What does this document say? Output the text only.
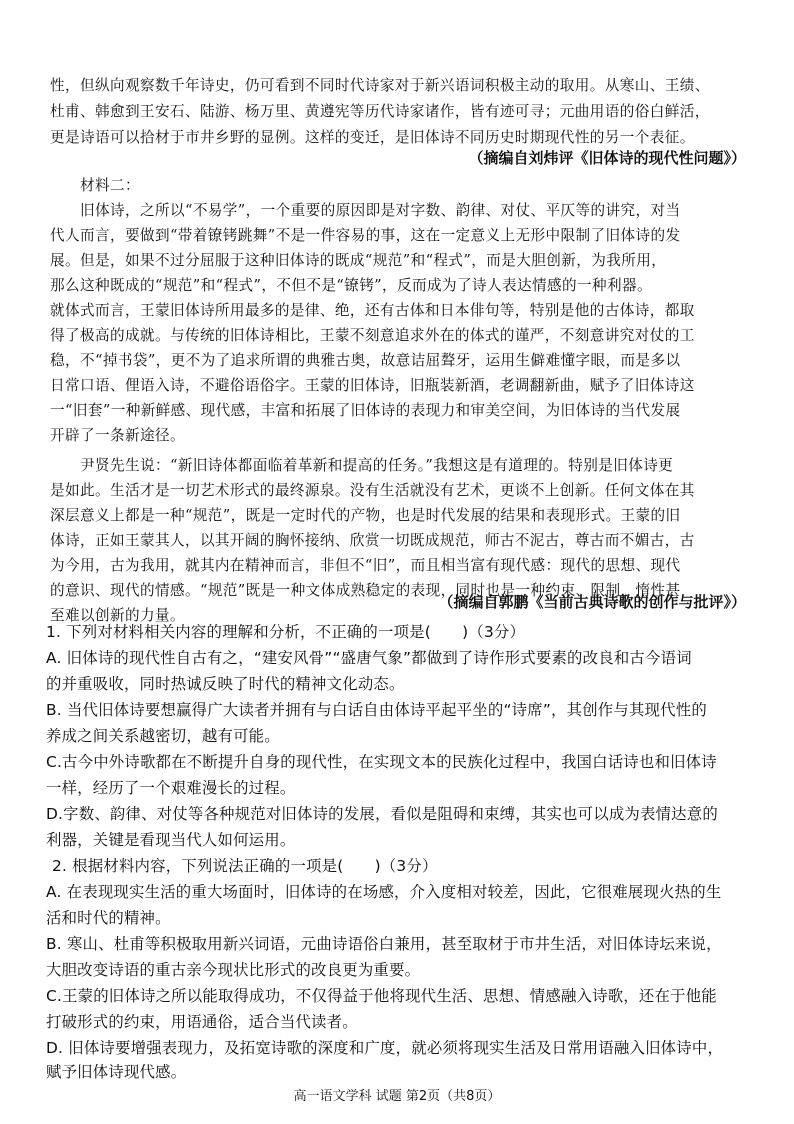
性，但纵向观察数千年诗史，仍可看到不同时代诗家对于新兴语词积极主动的取用。从寒山、王绩、
杜甫、韩愈到王安石、陆游、杨万里、黄遵宪等历代诗家诸作，皆有迹可寻；元曲用语的俗白鲜活，
更是诗语可以拾材于市井乡野的显例。这样的变迁，是旧体诗不同历史时期现代性的另一个表征。
（摘编自刘炜评《旧体诗的现代性问题》）
材料二：
旧体诗，之所以“不易学”，一个重要的原因即是对字数、韵律、对仗、平仄等的讲究，对当
代人而言，要做到“带着镣铐跳舞”不是一件容易的事，这在一定意义上无形中限制了旧体诗的发
展。但是，如果不过分屈服于这种旧体诗的既成“规范”和“程式”，而是大胆创新，为我所用，
那么这种既成的“规范”和“程式”，不但不是“镣铐”，反而成为了诗人表达情感的一种利器。
就体式而言，王蒙旧体诗所用最多的是律、绝，还有古体和日本俳句等，特别是他的古体诗，都取
得了极高的成就。与传统的旧体诗相比，王蒙不刻意追求外在的体式的谨严，不刻意讲究对仗的工
稳，不“掉书袋”，更不为了追求所谓的典雅古奥，故意诘屈聱牙，运用生僻难懂字眼，而是多以
日常口语、俚语入诗，不避俗语俗字。王蒙的旧体诗，旧瓶装新酒，老调翻新曲，赋予了旧体诗这
一“旧套”一种新鲜感、现代感，丰富和拓展了旧体诗的表现力和审美空间，为旧体诗的当代发展
开辟了一条新途径。
尹贤先生说：“新旧诗体都面临着革新和提高的任务。”我想这是有道理的。特别是旧体诗更
是如此。生活才是一切艺术形式的最终源泉。没有生活就没有艺术，更谈不上创新。任何文体在其
深层意义上都是一种“规范”，既是一定时代的产物，也是时代发展的结果和表现形式。王蒙的旧
体诗，正如王蒙其人，以其开阔的胸怀接纳、欣赏一切既成规范，师古不泥古，尊古而不媚古，古
为今用，古为我用，就其内在精神而言，非但不“旧”，而且相当富有现代感：现代的思想、现代
的意识、现代的情感。“规范”既是一种文体成熟稳定的表现，同时也是一种约束、限制，惰性甚
至难以创新的力量。
（摘编自郭鹏《当前古典诗歌的创作与批评》）
1. 下列对材料相关内容的理解和分析，不正确的一项是(　　)（3分）
A. 旧体诗的现代性自古有之，“建安风骨”“盛唐气象”都做到了诗作形式要素的改良和古今语词
的并重吸收，同时热诚反映了时代的精神文化动态。
B. 当代旧体诗要想赢得广大读者并拥有与白话自由体诗平起平坐的“诗席”，其创作与其现代性的
养成之间关系越密切，越有可能。
C.古今中外诗歌都在不断提升自身的现代性，在实现文本的民族化过程中，我国白话诗也和旧体诗
一样，经历了一个艰难漫长的过程。
D.字数、韵律、对仗等各种规范对旧体诗的发展，看似是阻碍和束缚，其实也可以成为表情达意的
利器，关键是看现当代人如何运用。
2. 根据材料内容，下列说法正确的一项是(　　)（3分）
A. 在表现现实生活的重大场面时，旧体诗的在场感，介入度相对较差，因此，它很难展现火热的生
活和时代的精神。
B. 寒山、杜甫等积极取用新兴词语，元曲诗语俗白兼用，甚至取材于市井生活，对旧体诗坛来说，
大胆改变诗语的重古亲今现状比形式的改良更为重要。
C.王蒙的旧体诗之所以能取得成功，不仅得益于他将现代生活、思想、情感融入诗歌，还在于他能
打破形式的约束，用语通俗，适合当代读者。
D. 旧体诗要增强表现力，及拓宽诗歌的深度和广度，就必须将现实生活及日常用语融入旧体诗中，
赋予旧体诗现代感。
高一语文学科 试题 第2页（共8页）
